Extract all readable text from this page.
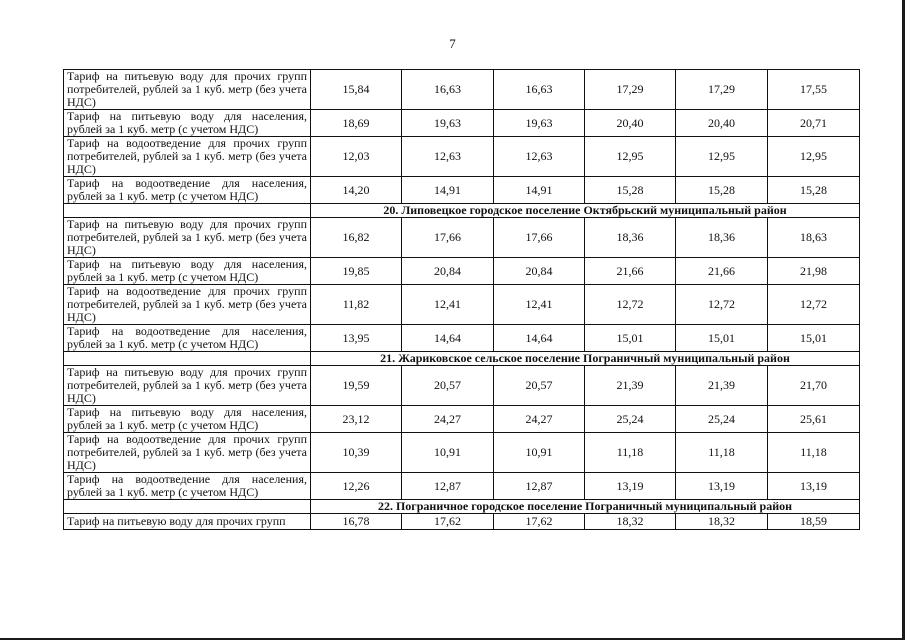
7
Тариф на питьевую воду для прочих групп потребителей, рублей за 1 куб. метр (без учета НДС)	15,84	16,63	16,63	17,29	17,29	17,55
Тариф на питьевую воду для населения, рублей за 1 куб. метр (с учетом НДС)	18,69	19,63	19,63	20,40	20,40	20,71
Тариф на водоотведение для прочих групп потребителей, рублей за 1 куб. метр (без учета НДС)	12,03	12,63	12,63	12,95	12,95	12,95
Тариф на водоотведение для населения, рублей за 1 куб. метр (с учетом НДС)	14,20	14,91	14,91	15,28	15,28	15,28
	20. Липовецкое городское поселение Октябрьский муниципальный район					
Тариф на питьевую воду для прочих групп потребителей, рублей за 1 куб. метр (без учета НДС)	16,82	17,66	17,66	18,36	18,36	18,63
Тариф на питьевую воду для населения, рублей за 1 куб. метр (с учетом НДС)	19,85	20,84	20,84	21,66	21,66	21,98
Тариф на водоотведение для прочих групп потребителей, рублей за 1 куб. метр (без учета НДС)	11,82	12,41	12,41	12,72	12,72	12,72
Тариф на водоотведение для населения, рублей за 1 куб. метр (с учетом НДС)	13,95	14,64	14,64	15,01	15,01	15,01
	21. Жариковское сельское поселение Пограничный муниципальный район					
Тариф на питьевую воду для прочих групп потребителей, рублей за 1 куб. метр (без учета НДС)	19,59	20,57	20,57	21,39	21,39	21,70
Тариф на питьевую воду для населения, рублей за 1 куб. метр (с учетом НДС)	23,12	24,27	24,27	25,24	25,24	25,61
Тариф на водоотведение для прочих групп потребителей, рублей за 1 куб. метр (без учета НДС)	10,39	10,91	10,91	11,18	11,18	11,18
Тариф на водоотведение для населения, рублей за 1 куб. метр (с учетом НДС)	12,26	12,87	12,87	13,19	13,19	13,19
	22. Пограничное городское поселение Пограничный муниципальный район					
Тариф на питьевую воду для прочих групп	16,78	17,62	17,62	18,32	18,32	18,59
